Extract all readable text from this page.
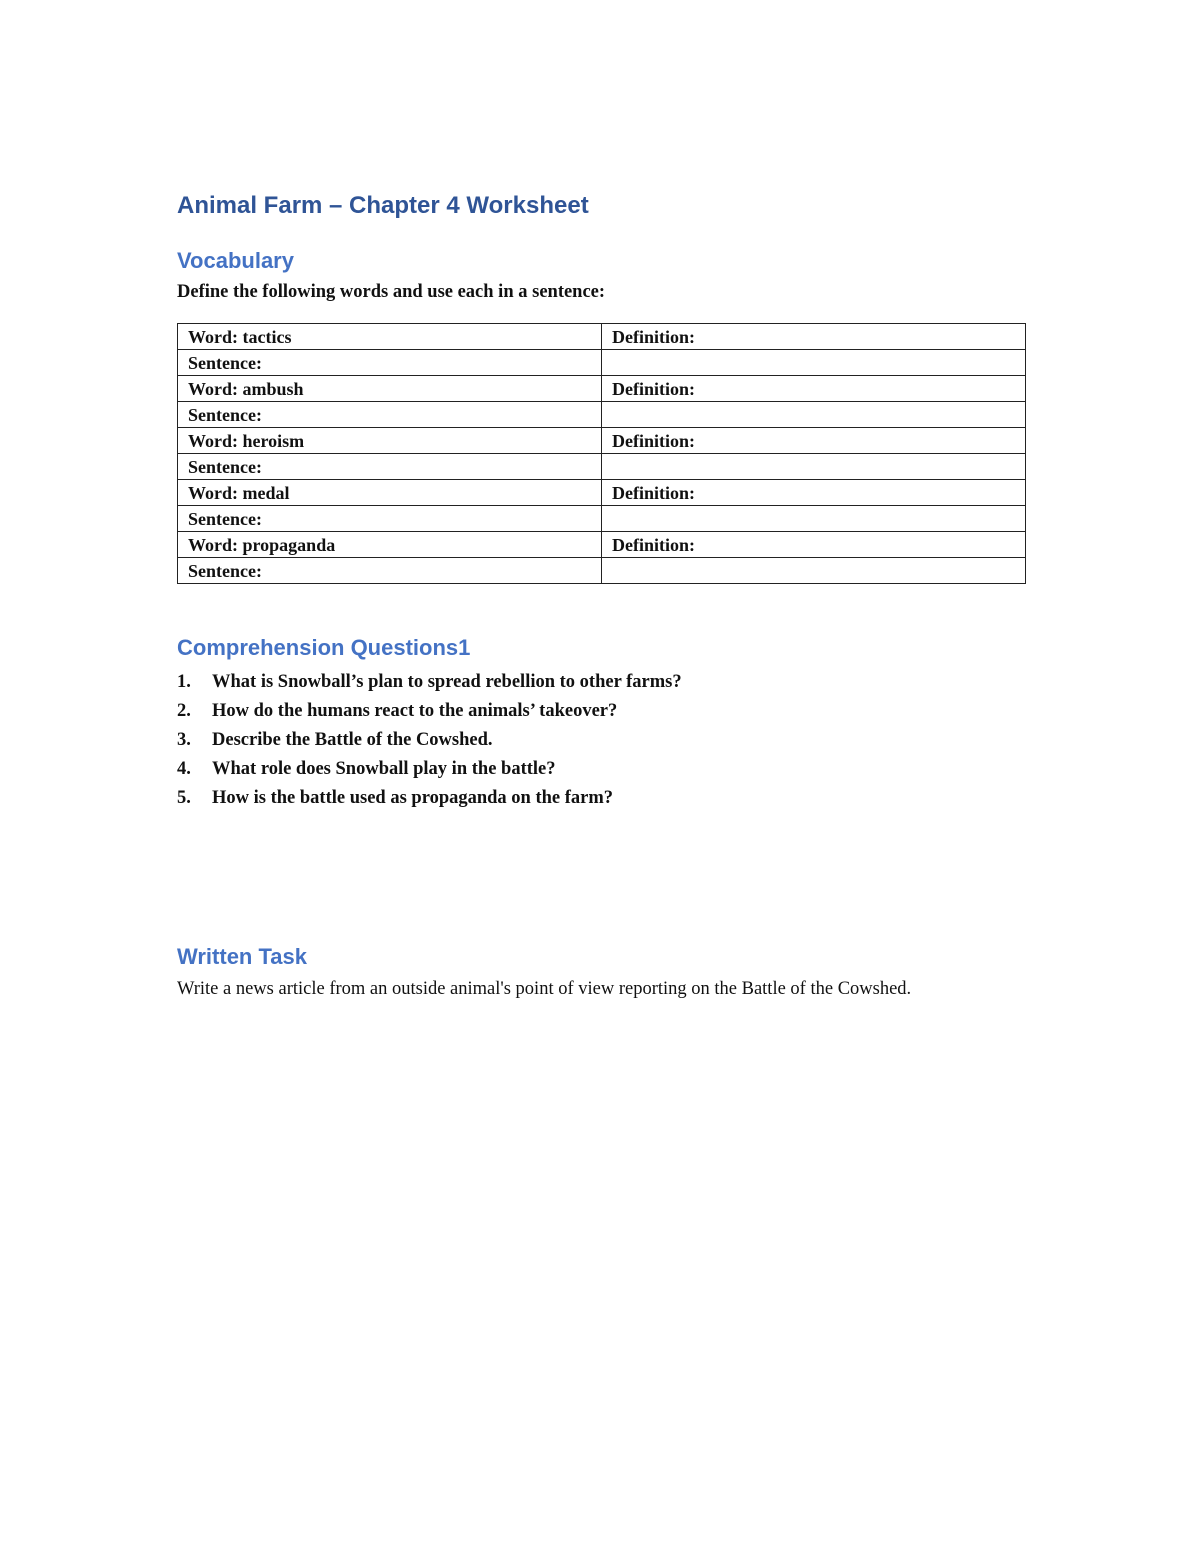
Animal Farm – Chapter 4 Worksheet
Vocabulary

Define the following words and use each in a sentence:

Word: tactics	Definition:
Sentence:	
Word: ambush	Definition:
Sentence:	
Word: heroism	Definition:
Sentence:	
Word: medal	Definition:
Sentence:	
Word: propaganda	Definition:
Sentence:	
Comprehension Questions1
1.	What is Snowball’s plan to spread rebellion to other farms?
2.	How do the humans react to the animals’ takeover?
3.	Describe the Battle of the Cowshed.
4.	What role does Snowball play in the battle?
5.	How is the battle used as propaganda on the farm?
Written Task

Write a news article from an outside animal's point of view reporting on the Battle of the Cowshed.
